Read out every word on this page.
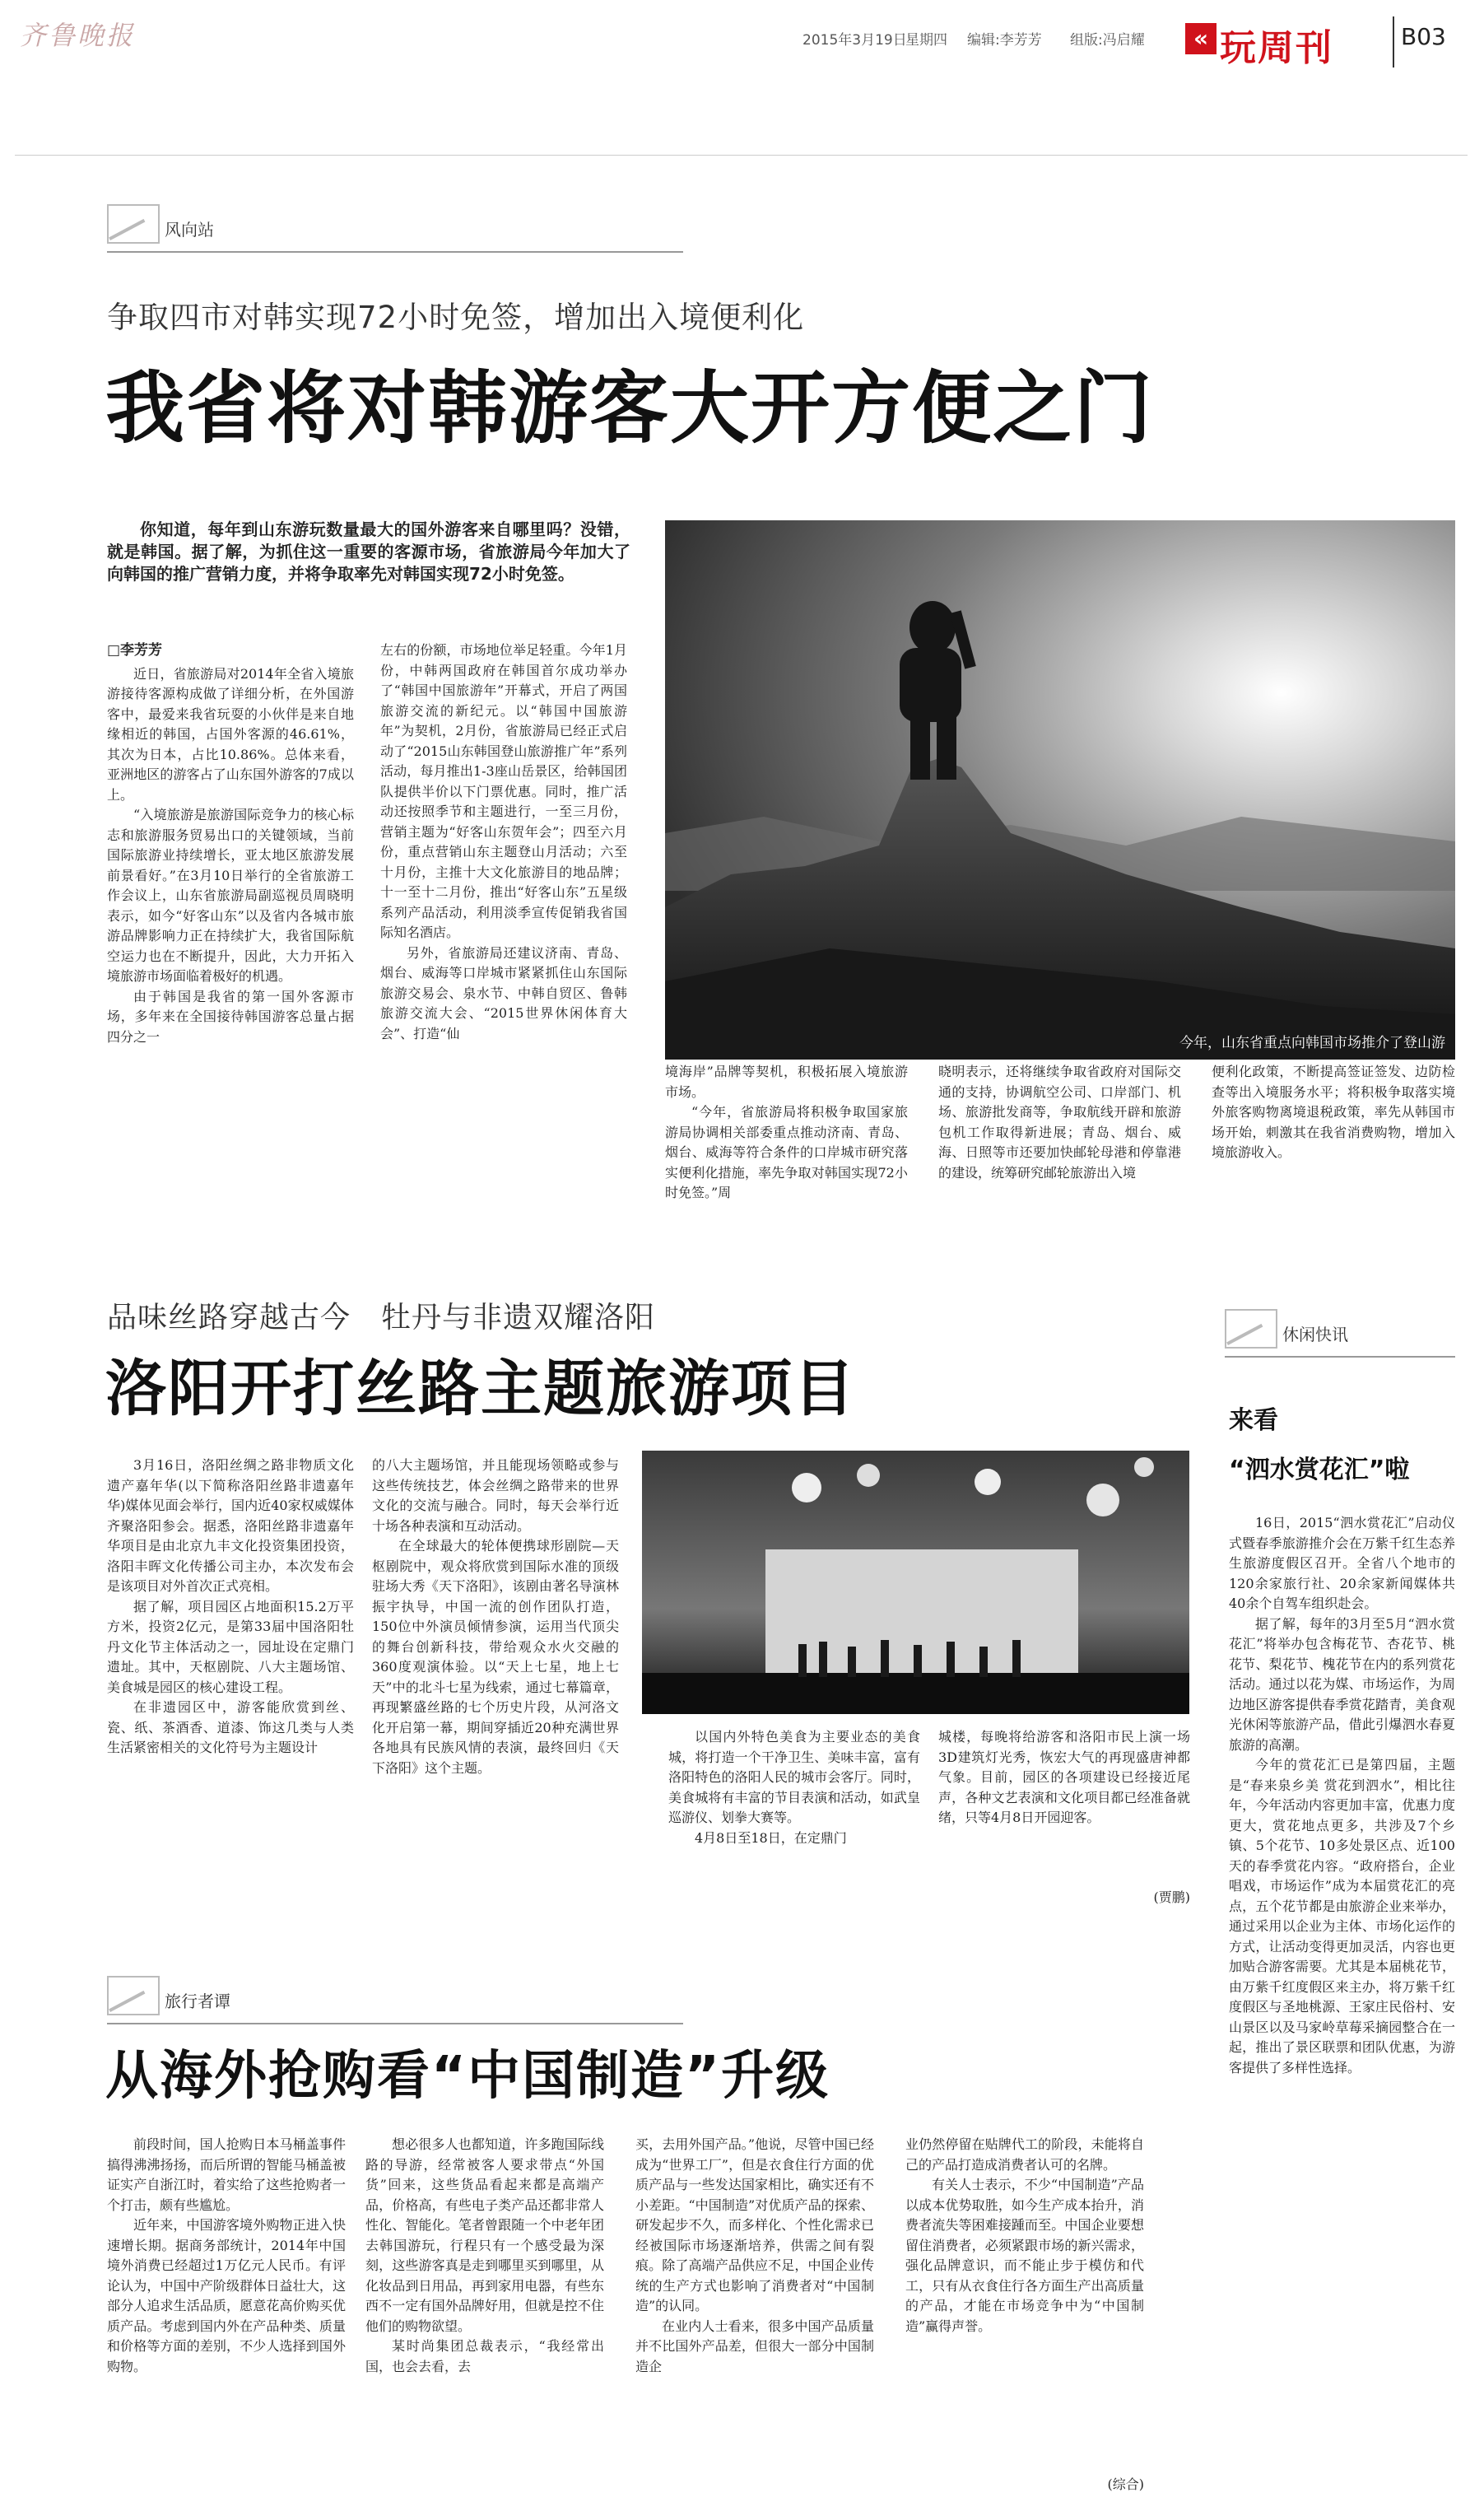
齐鲁晚报	2015年3月19日
星期四 编辑:李芳芳 组版:冯启耀	« 玩周刊	B03
风向站
争取四市对韩实现72小时免签，增加出入境便利化
我省将对韩游客大开方便之门

你知道，每年到山东游玩数量最大的国外游客来自哪里吗？没错，就是韩国。据了解，为抓住这一重要的客源市场，省旅游局今年加大了向韩国的推广营销力度，并将争取率先对韩国实现72小时免签。

今年，山东省重点向韩国市场推介了登山游

□李芳芳

近日，省旅游局对2014年全省入境旅游接待客源构成做了详细分析，在外国游客中，最爱来我省玩耍的小伙伴是来自地缘相近的韩国，占国外客源的46.61%，其次为日本，占比10.86%。总体来看，亚洲地区的游客占了山东国外游客的7成以上。

“入境旅游是旅游国际竞争力的核心标志和旅游服务贸易出口的关键领域，当前国际旅游业持续增长，亚太地区旅游发展前景看好。”在3月10日举行的全省旅游工作会议上，山东省旅游局副巡视员周晓明表示，如今“好客山东”以及省内各城市旅游品牌影响力正在持续扩大，我省国际航空运力也在不断提升，因此，大力开拓入境旅游市场面临着极好的机遇。

由于韩国是我省的第一国外客源市场，多年来在全国接待韩国游客总量占据四分之一

左右的份额，市场地位举足轻重。今年1月份，中韩两国政府在韩国首尔成功举办了“韩国中国旅游年”开幕式，开启了两国旅游交流的新纪元。以“韩国中国旅游年”为契机，2月份，省旅游局已经正式启动了“2015山东韩国登山旅游推广年”系列活动，每月推出1-3座山岳景区，给韩国团队提供半价以下门票优惠。同时，推广活动还按照季节和主题进行，一至三月份，营销主题为“好客山东贺年会”；四至六月份，重点营销山东主题登山月活动；六至十月份，主推十大文化旅游目的地品牌；十一至十二月份，推出“好客山东”五星级系列产品活动，利用淡季宣传促销我省国际知名酒店。

另外，省旅游局还建议济南、青岛、烟台、威海等口岸城市紧紧抓住山东国际旅游交易会、泉水节、中韩自贸区、鲁韩旅游交流大会、“2015世界休闲体育大会”、打造“仙

境海岸”品牌等契机，积极拓展入境旅游市场。

“今年，省旅游局将积极争取国家旅游局协调相关部委重点推动济南、青岛、烟台、威海等符合条件的口岸城市研究落实便利化措施，率先争取对韩国实现72小时免签。”周

晓明表示，还将继续争取省政府对国际交通的支持，协调航空公司、口岸部门、机场、旅游批发商等，争取航线开辟和旅游包机工作取得新进展；青岛、烟台、威海、日照等市还要加快邮轮母港和停靠港的建设，统筹研究邮轮旅游出入境

便利化政策，不断提高签证签发、边防检查等出入境服务水平；将积极争取落实境外旅客购物离境退税政策，率先从韩国市场开始，刺激其在我省消费购物，增加入境旅游收入。

品味丝路穿越古今　牡丹与非遗双耀洛阳
洛阳开打丝路主题旅游项目

3月16日，洛阳丝绸之路非物质文化遗产嘉年华(以下简称洛阳丝路非遗嘉年华)媒体见面会举行，国内近40家权威媒体齐聚洛阳参会。据悉，洛阳丝路非遗嘉年华项目是由北京九丰文化投资集团投资，洛阳丰晖文化传播公司主办，本次发布会是该项目对外首次正式亮相。

据了解，项目园区占地面积15.2万平方米，投资2亿元，是第33届中国洛阳牡丹文化节主体活动之一，园址设在定鼎门遗址。其中，天枢剧院、八大主题场馆、美食城是园区的核心建设工程。

在非遗园区中，游客能欣赏到丝、瓷、纸、茶酒香、道漆、饰这几类与人类生活紧密相关的文化符号为主题设计

的八大主题场馆，并且能现场领略或参与这些传统技艺，体会丝绸之路带来的世界文化的交流与融合。同时，每天会举行近十场各种表演和互动活动。

在全球最大的轮体便携球形剧院—天枢剧院中，观众将欣赏到国际水准的顶级驻场大秀《天下洛阳》，该剧由著名导演林振宇执导，中国一流的创作团队打造，150位中外演员倾情参演，运用当代顶尖的舞台创新科技，带给观众水火交融的360度观演体验。以“天上七星，地上七天”中的北斗七星为线索，通过七幕篇章，再现繁盛丝路的七个历史片段，从河洛文化开启第一幕，期间穿插近20种充满世界各地具有民族风情的表演，最终回归《天下洛阳》这个主题。

以国内外特色美食为主要业态的美食城，将打造一个干净卫生、美味丰富，富有洛阳特色的洛阳人民的城市会客厅。同时，美食城将有丰富的节目表演和活动，如武皇巡游仪、划拳大赛等。

4月8日至18日，在定鼎门

城楼，每晚将给游客和洛阳市民上演一场3D建筑灯光秀，恢宏大气的再现盛唐神都气象。目前，园区的各项建设已经接近尾声，各种文艺表演和文化项目都已经准备就绪，只等4月8日开园迎客。

(贾鹏)
旅行者谭
从海外抢购看“中国制造”升级

前段时间，国人抢购日本马桶盖事件搞得沸沸扬扬，而后所谓的智能马桶盖被证实产自浙江时，着实给了这些抢购者一个打击，颇有些尴尬。

近年来，中国游客境外购物正进入快速增长期。据商务部统计，2014年中国境外消费已经超过1万亿元人民币。有评论认为，中国中产阶级群体日益壮大，这部分人追求生活品质，愿意花高价购买优质产品。考虑到国内外在产品种类、质量和价格等方面的差别，不少人选择到国外购物。

想必很多人也都知道，许多跑国际线路的导游，经常被客人要求带点“外国货”回来，这些货品看起来都是高端产品，价格高，有些电子类产品还都非常人性化、智能化。笔者曾跟随一个中老年团去韩国游玩，行程只有一个感受最为深刻，这些游客真是走到哪里买到哪里，从化妆品到日用品，再到家用电器，有些东西不一定有国外品牌好用，但就是控不住他们的购物欲望。

某时尚集团总裁表示，“我经常出国，也会去看，去

买，去用外国产品。”他说，尽管中国已经成为“世界工厂”，但是衣食住行方面的优质产品与一些发达国家相比，确实还有不小差距。“中国制造”对优质产品的探索、研发起步不久，而多样化、个性化需求已经被国际市场逐渐培养，供需之间有裂痕。除了高端产品供应不足，中国企业传统的生产方式也影响了消费者对“中国制造”的认同。

在业内人士看来，很多中国产品质量并不比国外产品差，但很大一部分中国制造企

业仍然停留在贴牌代工的阶段，未能将自己的产品打造成消费者认可的名牌。

有关人士表示，不少“中国制造”产品以成本优势取胜，如今生产成本抬升，消费者流失等困难接踵而至。中国企业要想留住消费者，必须紧跟市场的新兴需求，强化品牌意识，而不能止步于模仿和代工，只有从衣食住行各方面生产出高质量的产品，才能在市场竞争中为“中国制造”赢得声誉。

(综合)
休闲快讯
来看
“泗水赏花汇”啦

16日，2015“泗水赏花汇”启动仪式暨春季旅游推介会在万紫千红生态养生旅游度假区召开。全省八个地市的120余家旅行社、20余家新闻媒体共40余个自驾车组织赴会。

据了解，每年的3月至5月“泗水赏花汇”将举办包含梅花节、杏花节、桃花节、梨花节、槐花节在内的系列赏花活动。通过以花为媒、市场运作，为周边地区游客提供春季赏花踏青，美食观光休闲等旅游产品，借此引爆泗水春夏旅游的高潮。

今年的赏花汇已是第四届，主题是“春来泉乡美 赏花到泗水”，相比往年，今年活动内容更加丰富，优惠力度更大，赏花地点更多，共涉及7个乡镇、5个花节、10多处景区点、近100天的春季赏花内容。“政府搭台，企业唱戏，市场运作”成为本届赏花汇的亮点，五个花节都是由旅游企业来举办，通过采用以企业为主体、市场化运作的方式，让活动变得更加灵活，内容也更加贴合游客需要。尤其是本届桃花节，由万紫千红度假区来主办，将万紫千红度假区与圣地桃源、王家庄民俗村、安山景区以及马家岭草莓采摘园整合在一起，推出了景区联票和团队优惠，为游客提供了多样性选择。
